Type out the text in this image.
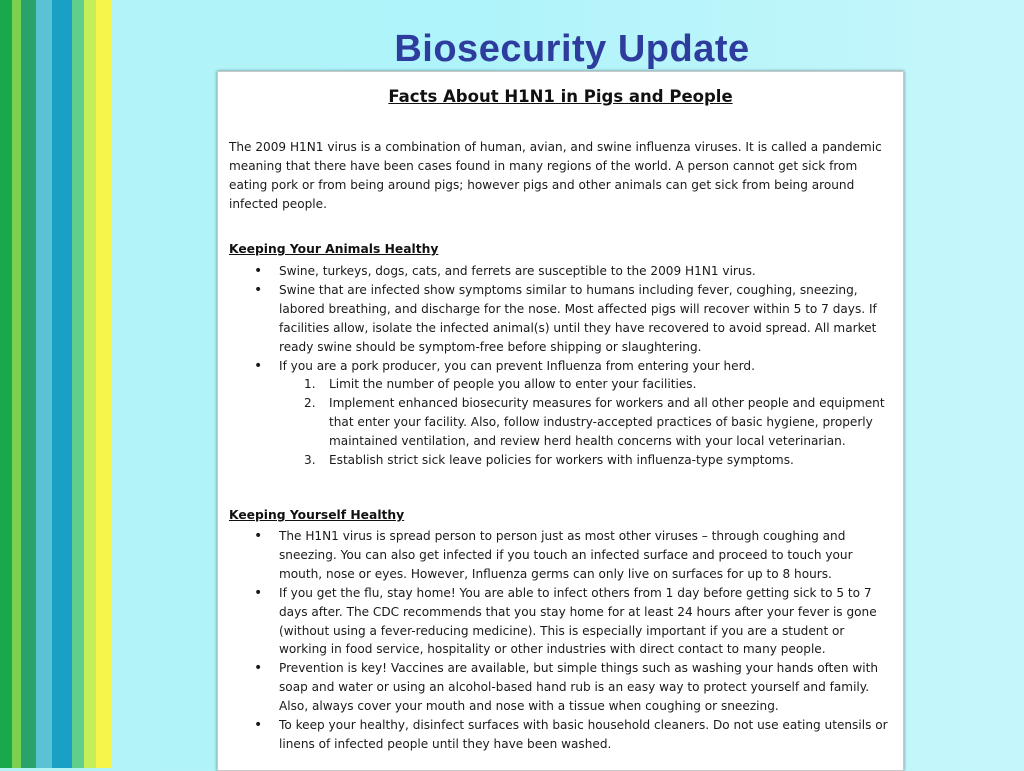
Biosecurity Update
Facts About H1N1 in Pigs and People
The 2009 H1N1 virus is a combination of human, avian, and swine influenza viruses. It is called a pandemic meaning that there have been cases found in many regions of the world. A person cannot get sick from eating pork or from being around pigs; however pigs and other animals can get sick from being around infected people.
Keeping Your Animals Healthy
• Swine, turkeys, dogs, cats, and ferrets are susceptible to the 2009 H1N1 virus.
• Swine that are infected show symptoms similar to humans including fever, coughing, sneezing, labored breathing, and discharge for the nose. Most affected pigs will recover within 5 to 7 days. If facilities allow, isolate the infected animal(s) until they have recovered to avoid spread. All market ready swine should be symptom-free before shipping or slaughtering.
• If you are a pork producer, you can prevent Influenza from entering your herd.
1. Limit the number of people you allow to enter your facilities.
2. Implement enhanced biosecurity measures for workers and all other people and equipment that enter your facility. Also, follow industry-accepted practices of basic hygiene, properly maintained ventilation, and review herd health concerns with your local veterinarian.
3. Establish strict sick leave policies for workers with influenza-type symptoms.
Keeping Yourself Healthy
• The H1N1 virus is spread person to person just as most other viruses – through coughing and sneezing. You can also get infected if you touch an infected surface and proceed to touch your mouth, nose or eyes. However, Influenza germs can only live on surfaces for up to 8 hours.
• If you get the flu, stay home! You are able to infect others from 1 day before getting sick to 5 to 7 days after. The CDC recommends that you stay home for at least 24 hours after your fever is gone (without using a fever-reducing medicine). This is especially important if you are a student or working in food service, hospitality or other industries with direct contact to many people.
• Prevention is key! Vaccines are available, but simple things such as washing your hands often with soap and water or using an alcohol-based hand rub is an easy way to protect yourself and family. Also, always cover your mouth and nose with a tissue when coughing or sneezing.
• To keep your healthy, disinfect surfaces with basic household cleaners. Do not use eating utensils or linens of infected people until they have been washed.
